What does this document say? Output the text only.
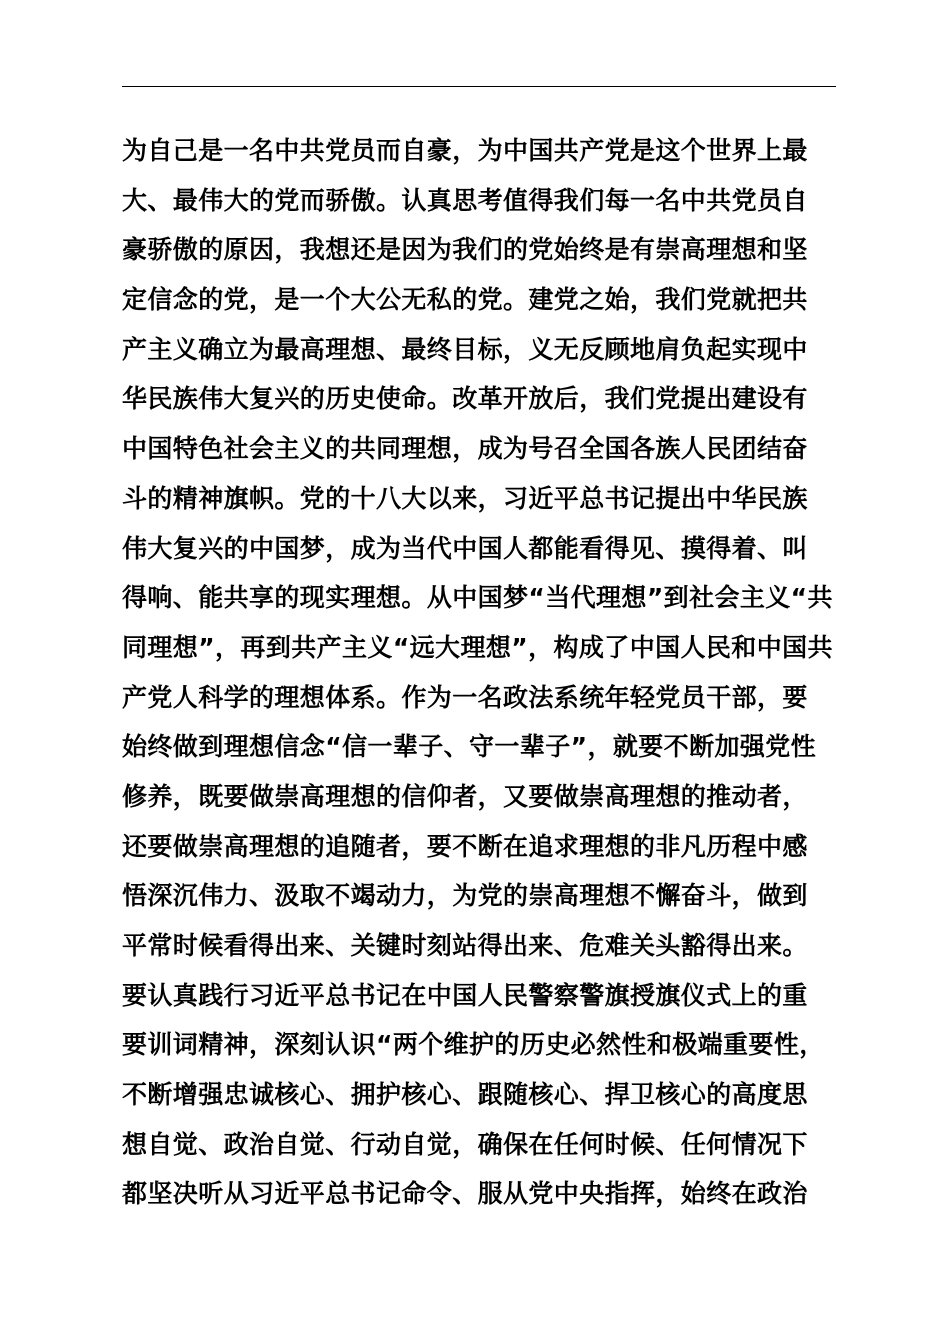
为自己是一名中共党员而自豪，为中国共产党是这个世界上最
大、最伟大的党而骄傲。认真思考值得我们每一名中共党员自
豪骄傲的原因，我想还是因为我们的党始终是有崇高理想和坚
定信念的党，是一个大公无私的党。建党之始，我们党就把共
产主义确立为最高理想、最终目标，义无反顾地肩负起实现中
华民族伟大复兴的历史使命。改革开放后，我们党提出建设有
中国特色社会主义的共同理想，成为号召全国各族人民团结奋
斗的精神旗帜。党的十八大以来，习近平总书记提出中华民族
伟大复兴的中国梦，成为当代中国人都能看得见、摸得着、叫
得响、能共享的现实理想。从中国梦“当代理想”到社会主义“共
同理想”，再到共产主义“远大理想”，构成了中国人民和中国共
产党人科学的理想体系。作为一名政法系统年轻党员干部，要
始终做到理想信念“信一辈子、守一辈子”，就要不断加强党性
修养，既要做崇高理想的信仰者，又要做崇高理想的推动者，
还要做崇高理想的追随者，要不断在追求理想的非凡历程中感
悟深沉伟力、汲取不竭动力，为党的崇高理想不懈奋斗，做到
平常时候看得出来、关键时刻站得出来、危难关头豁得出来。
要认真践行习近平总书记在中国人民警察警旗授旗仪式上的重
要训词精神，深刻认识“两个维护的历史必然性和极端重要性，
不断增强忠诚核心、拥护核心、跟随核心、捍卫核心的高度思
想自觉、政治自觉、行动自觉，确保在任何时候、任何情况下
都坚决听从习近平总书记命令、服从党中央指挥，始终在政治
